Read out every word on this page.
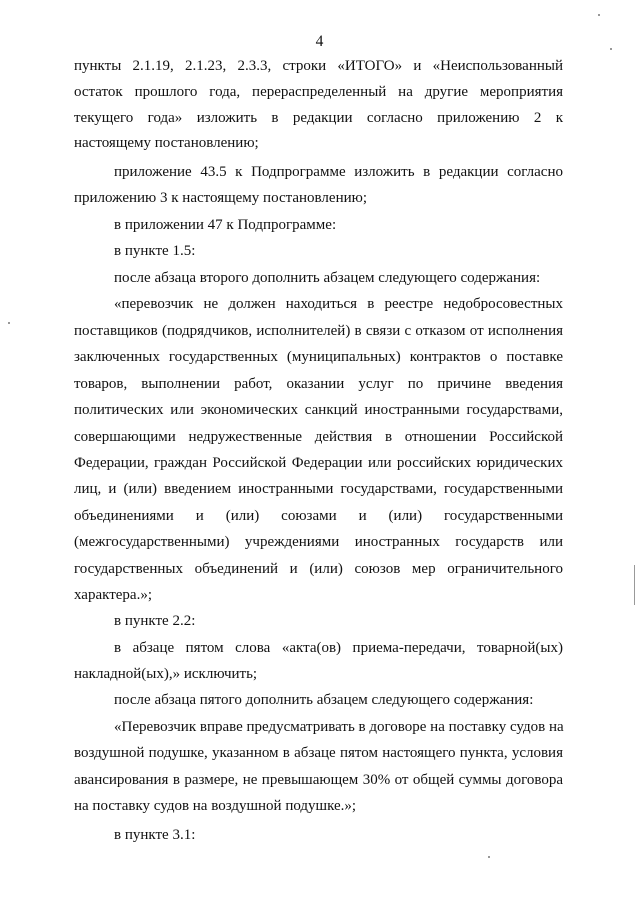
4
пункты 2.1.19, 2.1.23, 2.3.3, строки «ИТОГО» и «Неиспользованный
остаток прошлого года, перераспределенный на другие мероприятия
текущего года» изложить в редакции согласно приложению 2 к
настоящему постановлению;
приложение 43.5 к Подпрограмме изложить в редакции согласно
приложению 3 к настоящему постановлению;
в приложении 47 к Подпрограмме:
в пункте 1.5:
после абзаца второго дополнить абзацем следующего содержания:
«перевозчик не должен находиться в реестре недобросовестных
поставщиков (подрядчиков, исполнителей) в связи с отказом от исполнения
заключенных государственных (муниципальных) контрактов о поставке
товаров, выполнении работ, оказании услуг по причине введения
политических или экономических санкций иностранными государствами,
совершающими недружественные действия в отношении Российской
Федерации, граждан Российской Федерации или российских юридических
лиц, и (или) введением иностранными государствами, государственными
объединениями и (или) союзами и (или) государственными
(межгосударственными) учреждениями иностранных государств или
государственных объединений и (или) союзов мер ограничительного
характера.»;
в пункте 2.2:
в абзаце пятом слова «акта(ов) приема-передачи, товарной(ых)
накладной(ых),» исключить;
после абзаца пятого дополнить абзацем следующего содержания:
«Перевозчик вправе предусматривать в договоре на поставку судов на
воздушной подушке, указанном в абзаце пятом настоящего пункта, условия
авансирования в размере, не превышающем 30% от общей суммы договора
на поставку судов на воздушной подушке.»;
в пункте 3.1:
